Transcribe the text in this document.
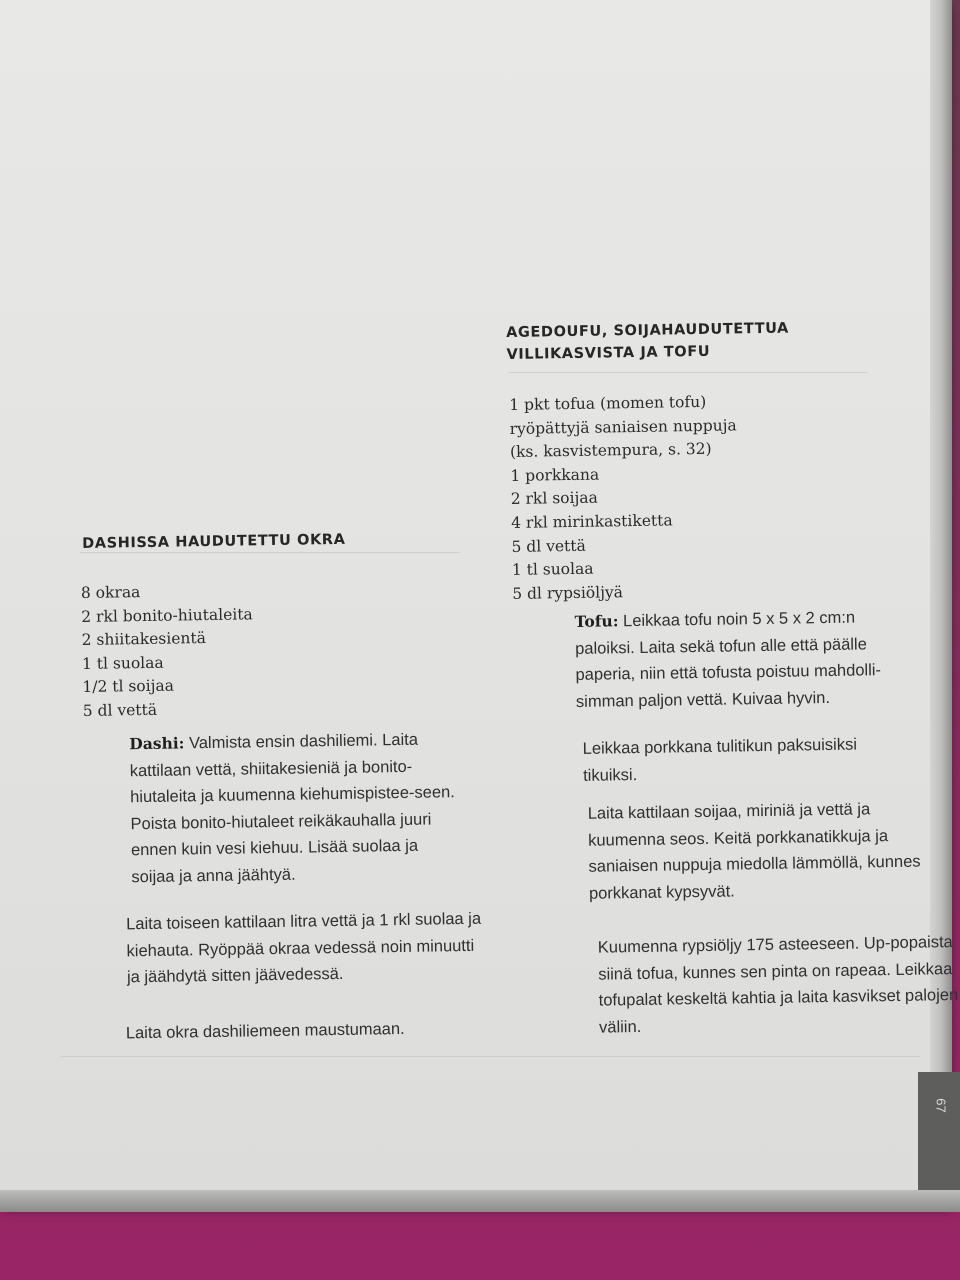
67
DASHISSA HAUDUTETTU OKRA
8 okraa
2 rkl bonito-hiutaleita
2 shiitakesientä
1 tl suolaa
1/2 tl soijaa
5 dl vettä

Dashi: Valmista ensin dashiliemi. Laita kattilaan vettä, shiitakesieniä ja bonito-hiutaleita ja kuumenna kiehumispistee-seen. Poista bonito-hiutaleet reikäkauhalla juuri ennen kuin vesi kiehuu. Lisää suolaa ja soijaa ja anna jäähtyä.

Laita toiseen kattilaan litra vettä ja 1 rkl suolaa ja kiehauta. Ryöppää okraa vedessä noin minuutti ja jäähdytä sitten jäävedessä.

Laita okra dashiliemeen maustumaan.

AGEDOUFU, SOIJAHAUDUTETTUA
VILLIKASVISTA JA TOFU
1 pkt tofua (momen tofu)
ryöpättyjä saniaisen nuppuja
(ks. kasvistempura, s. 32)
1 porkkana
2 rkl soijaa
4 rkl mirinkastiketta
5 dl vettä
1 tl suolaa
5 dl rypsiöljyä

Tofu: Leikkaa tofu noin 5 x 5 x 2 cm:n paloiksi. Laita sekä tofun alle että päälle paperia, niin että tofusta poistuu mahdolli-simman paljon vettä. Kuivaa hyvin.

Leikkaa porkkana tulitikun paksuisiksi tikuiksi.

Laita kattilaan soijaa, miriniä ja vettä ja kuumenna seos. Keitä porkkanatikkuja ja saniaisen nuppuja miedolla lämmöllä, kunnes porkkanat kypsyvät.

Kuumenna rypsiöljy 175 asteeseen. Up-popaista siinä tofua, kunnes sen pinta on rapeaa. Leikkaa tofupalat keskeltä kahtia ja laita kasvikset palojen väliin.
